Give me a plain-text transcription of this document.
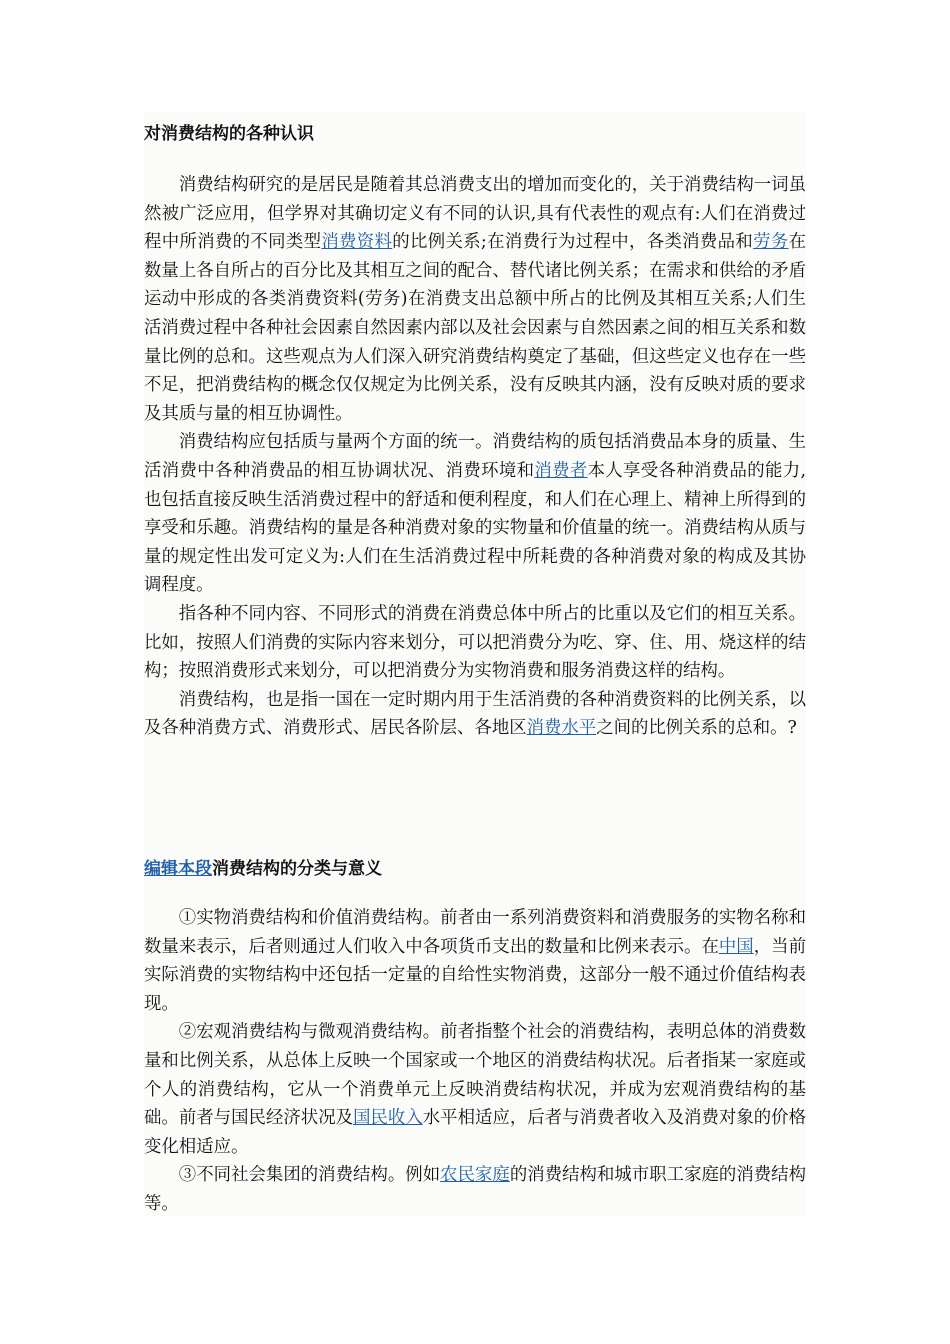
对消费结构的各种认识

消费结构研究的是居民是随着其总消费支出的增加而变化的，关于消费结构一词虽然被广泛应用，但学界对其确切定义有不同的认识,具有代表性的观点有:人们在消费过程中所消费的不同类型消费资料的比例关系;在消费行为过程中，各类消费品和劳务在数量上各自所占的百分比及其相互之间的配合、替代诸比例关系；在需求和供给的矛盾运动中形成的各类消费资料(劳务)在消费支出总额中所占的比例及其相互关系;人们生活消费过程中各种社会因素自然因素内部以及社会因素与自然因素之间的相互关系和数量比例的总和。这些观点为人们深入研究消费结构奠定了基础，但这些定义也存在一些不足，把消费结构的概念仅仅规定为比例关系，没有反映其内涵，没有反映对质的要求及其质与量的相互协调性。

消费结构应包括质与量两个方面的统一。消费结构的质包括消费品本身的质量、生活消费中各种消费品的相互协调状况、消费环境和消费者本人享受各种消费品的能力,也包括直接反映生活消费过程中的舒适和便利程度，和人们在心理上、精神上所得到的享受和乐趣。消费结构的量是各种消费对象的实物量和价值量的统一。消费结构从质与量的规定性出发可定义为:人们在生活消费过程中所耗费的各种消费对象的构成及其协调程度。

指各种不同内容、不同形式的消费在消费总体中所占的比重以及它们的相互关系。比如，按照人们消费的实际内容来划分，可以把消费分为吃、穿、住、用、烧这样的结构；按照消费形式来划分，可以把消费分为实物消费和服务消费这样的结构。

消费结构，也是指一国在一定时期内用于生活消费的各种消费资料的比例关系，以及各种消费方式、消费形式、居民各阶层、各地区消费水平之间的比例关系的总和。?

编辑本段消费结构的分类与意义

①实物消费结构和价值消费结构。前者由一系列消费资料和消费服务的实物名称和数量来表示，后者则通过人们收入中各项货币支出的数量和比例来表示。在中国，当前实际消费的实物结构中还包括一定量的自给性实物消费，这部分一般不通过价值结构表现。

②宏观消费结构与微观消费结构。前者指整个社会的消费结构，表明总体的消费数量和比例关系，从总体上反映一个国家或一个地区的消费结构状况。后者指某一家庭或个人的消费结构，它从一个消费单元上反映消费结构状况，并成为宏观消费结构的基础。前者与国民经济状况及国民收入水平相适应，后者与消费者收入及消费对象的价格变化相适应。

③不同社会集团的消费结构。例如农民家庭的消费结构和城市职工家庭的消费结构等。
